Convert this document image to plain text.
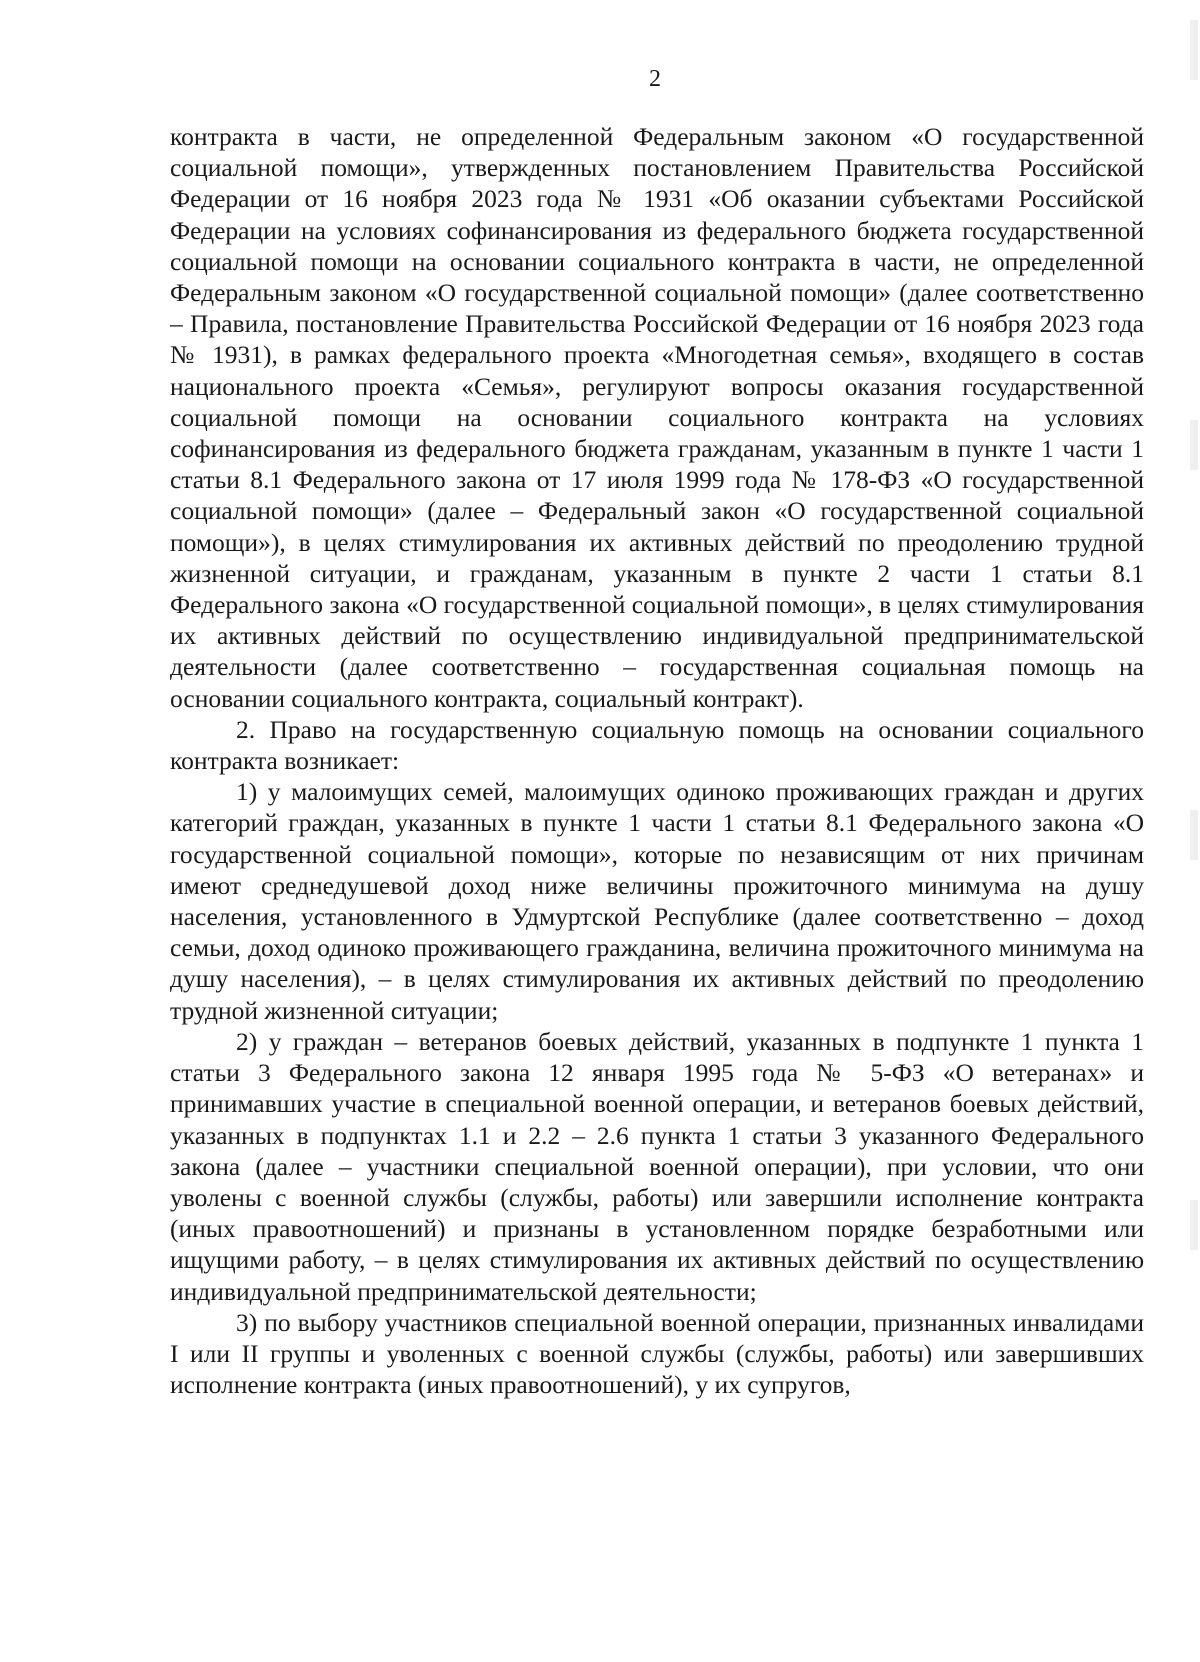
2

контракта в части, не определенной Федеральным законом «О государственной социальной помощи», утвержденных постановлением Правительства Российской Федерации от 16 ноября 2023 года № 1931 «Об оказании субъектами Российской Федерации на условиях софинансирования из федерального бюджета государственной социальной помощи на основании социального контракта в части, не определенной Федеральным законом «О государственной социальной помощи» (далее соответственно – Правила, постановление Правительства Российской Федерации от 16 ноября 2023 года № 1931), в рамках федерального проекта «Многодетная семья», входящего в состав национального проекта «Семья», регулируют вопросы оказания государственной социальной помощи на основании социального контракта на условиях софинансирования из федерального бюджета гражданам, указанным в пункте 1 части 1 статьи 8.1 Федерального закона от 17 июля 1999 года № 178-ФЗ «О государственной социальной помощи» (далее – Федеральный закон «О государственной социальной помощи»), в целях стимулирования их активных действий по преодолению трудной жизненной ситуации, и гражданам, указанным в пункте 2 части 1 статьи 8.1 Федерального закона «О государственной социальной помощи», в целях стимулирования их активных действий по осуществлению индивидуальной предпринимательской деятельности (далее соответственно – государственная социальная помощь на основании социального контракта, социальный контракт).

2. Право на государственную социальную помощь на основании социального контракта возникает:

1) у малоимущих семей, малоимущих одиноко проживающих граждан и других категорий граждан, указанных в пункте 1 части 1 статьи 8.1 Федерального закона «О государственной социальной помощи», которые по независящим от них причинам имеют среднедушевой доход ниже величины прожиточного минимума на душу населения, установленного в Удмуртской Республике (далее соответственно – доход семьи, доход одиноко проживающего гражданина, величина прожиточного минимума на душу населения), – в целях стимулирования их активных действий по преодолению трудной жизненной ситуации;

2) у граждан – ветеранов боевых действий, указанных в подпункте 1 пункта 1 статьи 3 Федерального закона 12 января 1995 года № 5-ФЗ «О ветеранах» и принимавших участие в специальной военной операции, и ветеранов боевых действий, указанных в подпунктах 1.1 и 2.2 – 2.6 пункта 1 статьи 3 указанного Федерального закона (далее – участники специальной военной операции), при условии, что они уволены с военной службы (службы, работы) или завершили исполнение контракта (иных правоотношений) и признаны в установленном порядке безработными или ищущими работу, – в целях стимулирования их активных действий по осуществлению индивидуальной предпринимательской деятельности;

3) по выбору участников специальной военной операции, признанных инвалидами I или II группы и уволенных с военной службы (службы, работы) или завершивших исполнение контракта (иных правоотношений), у их супругов,
